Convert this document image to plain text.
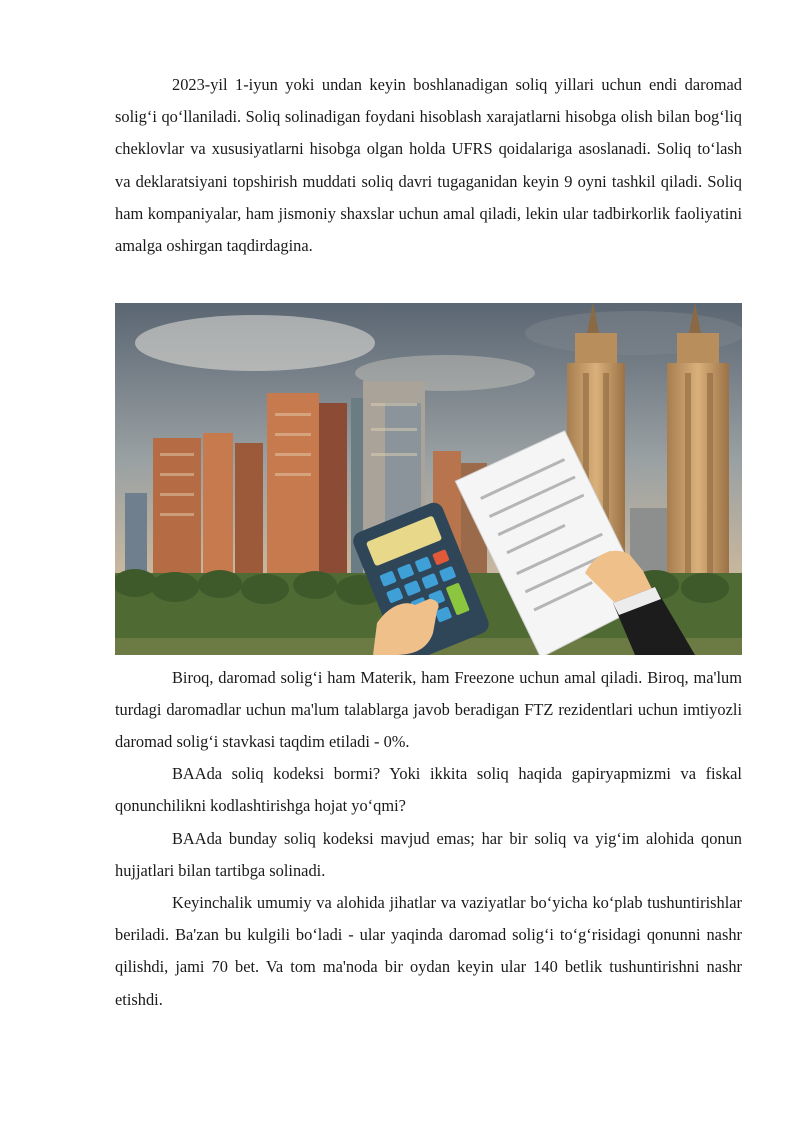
2023-yil 1-iyun yoki undan keyin boshlanadigan soliq yillari uchun endi daromad solig‘i qo‘llaniladi. Soliq solinadigan foydani hisoblash xarajatlarni hisobga olish bilan bog‘liq cheklovlar va xususiyatlarni hisobga olgan holda UFRS qoidalariga asoslanadi. Soliq to‘lash va deklaratsiyani topshirish muddati soliq davri tugaganidan keyin 9 oyni tashkil qiladi. Soliq ham kompaniyalar, ham jismoniy shaxslar uchun amal qiladi, lekin ular tadbirkorlik faoliyatini amalga oshirgan taqdirdagina.

Biroq, daromad solig‘i ham Materik, ham Freezone uchun amal qiladi. Biroq, ma'lum turdagi daromadlar uchun ma'lum talablarga javob beradigan FTZ rezidentlari uchun imtiyozli daromad solig‘i stavkasi taqdim etiladi - 0%.

BAAda soliq kodeksi bormi? Yoki ikkita soliq haqida gapiryapmizmi va fiskal qonunchilikni kodlashtirishga hojat yo‘qmi?

BAAda bunday soliq kodeksi mavjud emas; har bir soliq va yig‘im alohida qonun hujjatlari bilan tartibga solinadi.

Keyinchalik umumiy va alohida jihatlar va vaziyatlar bo‘yicha ko‘plab tushuntirishlar beriladi. Ba'zan bu kulgili bo‘ladi - ular yaqinda daromad solig‘i to‘g‘risidagi qonunni nashr qilishdi, jami 70 bet. Va tom ma'noda bir oydan keyin ular 140 betlik tushuntirishni nashr etishdi.
